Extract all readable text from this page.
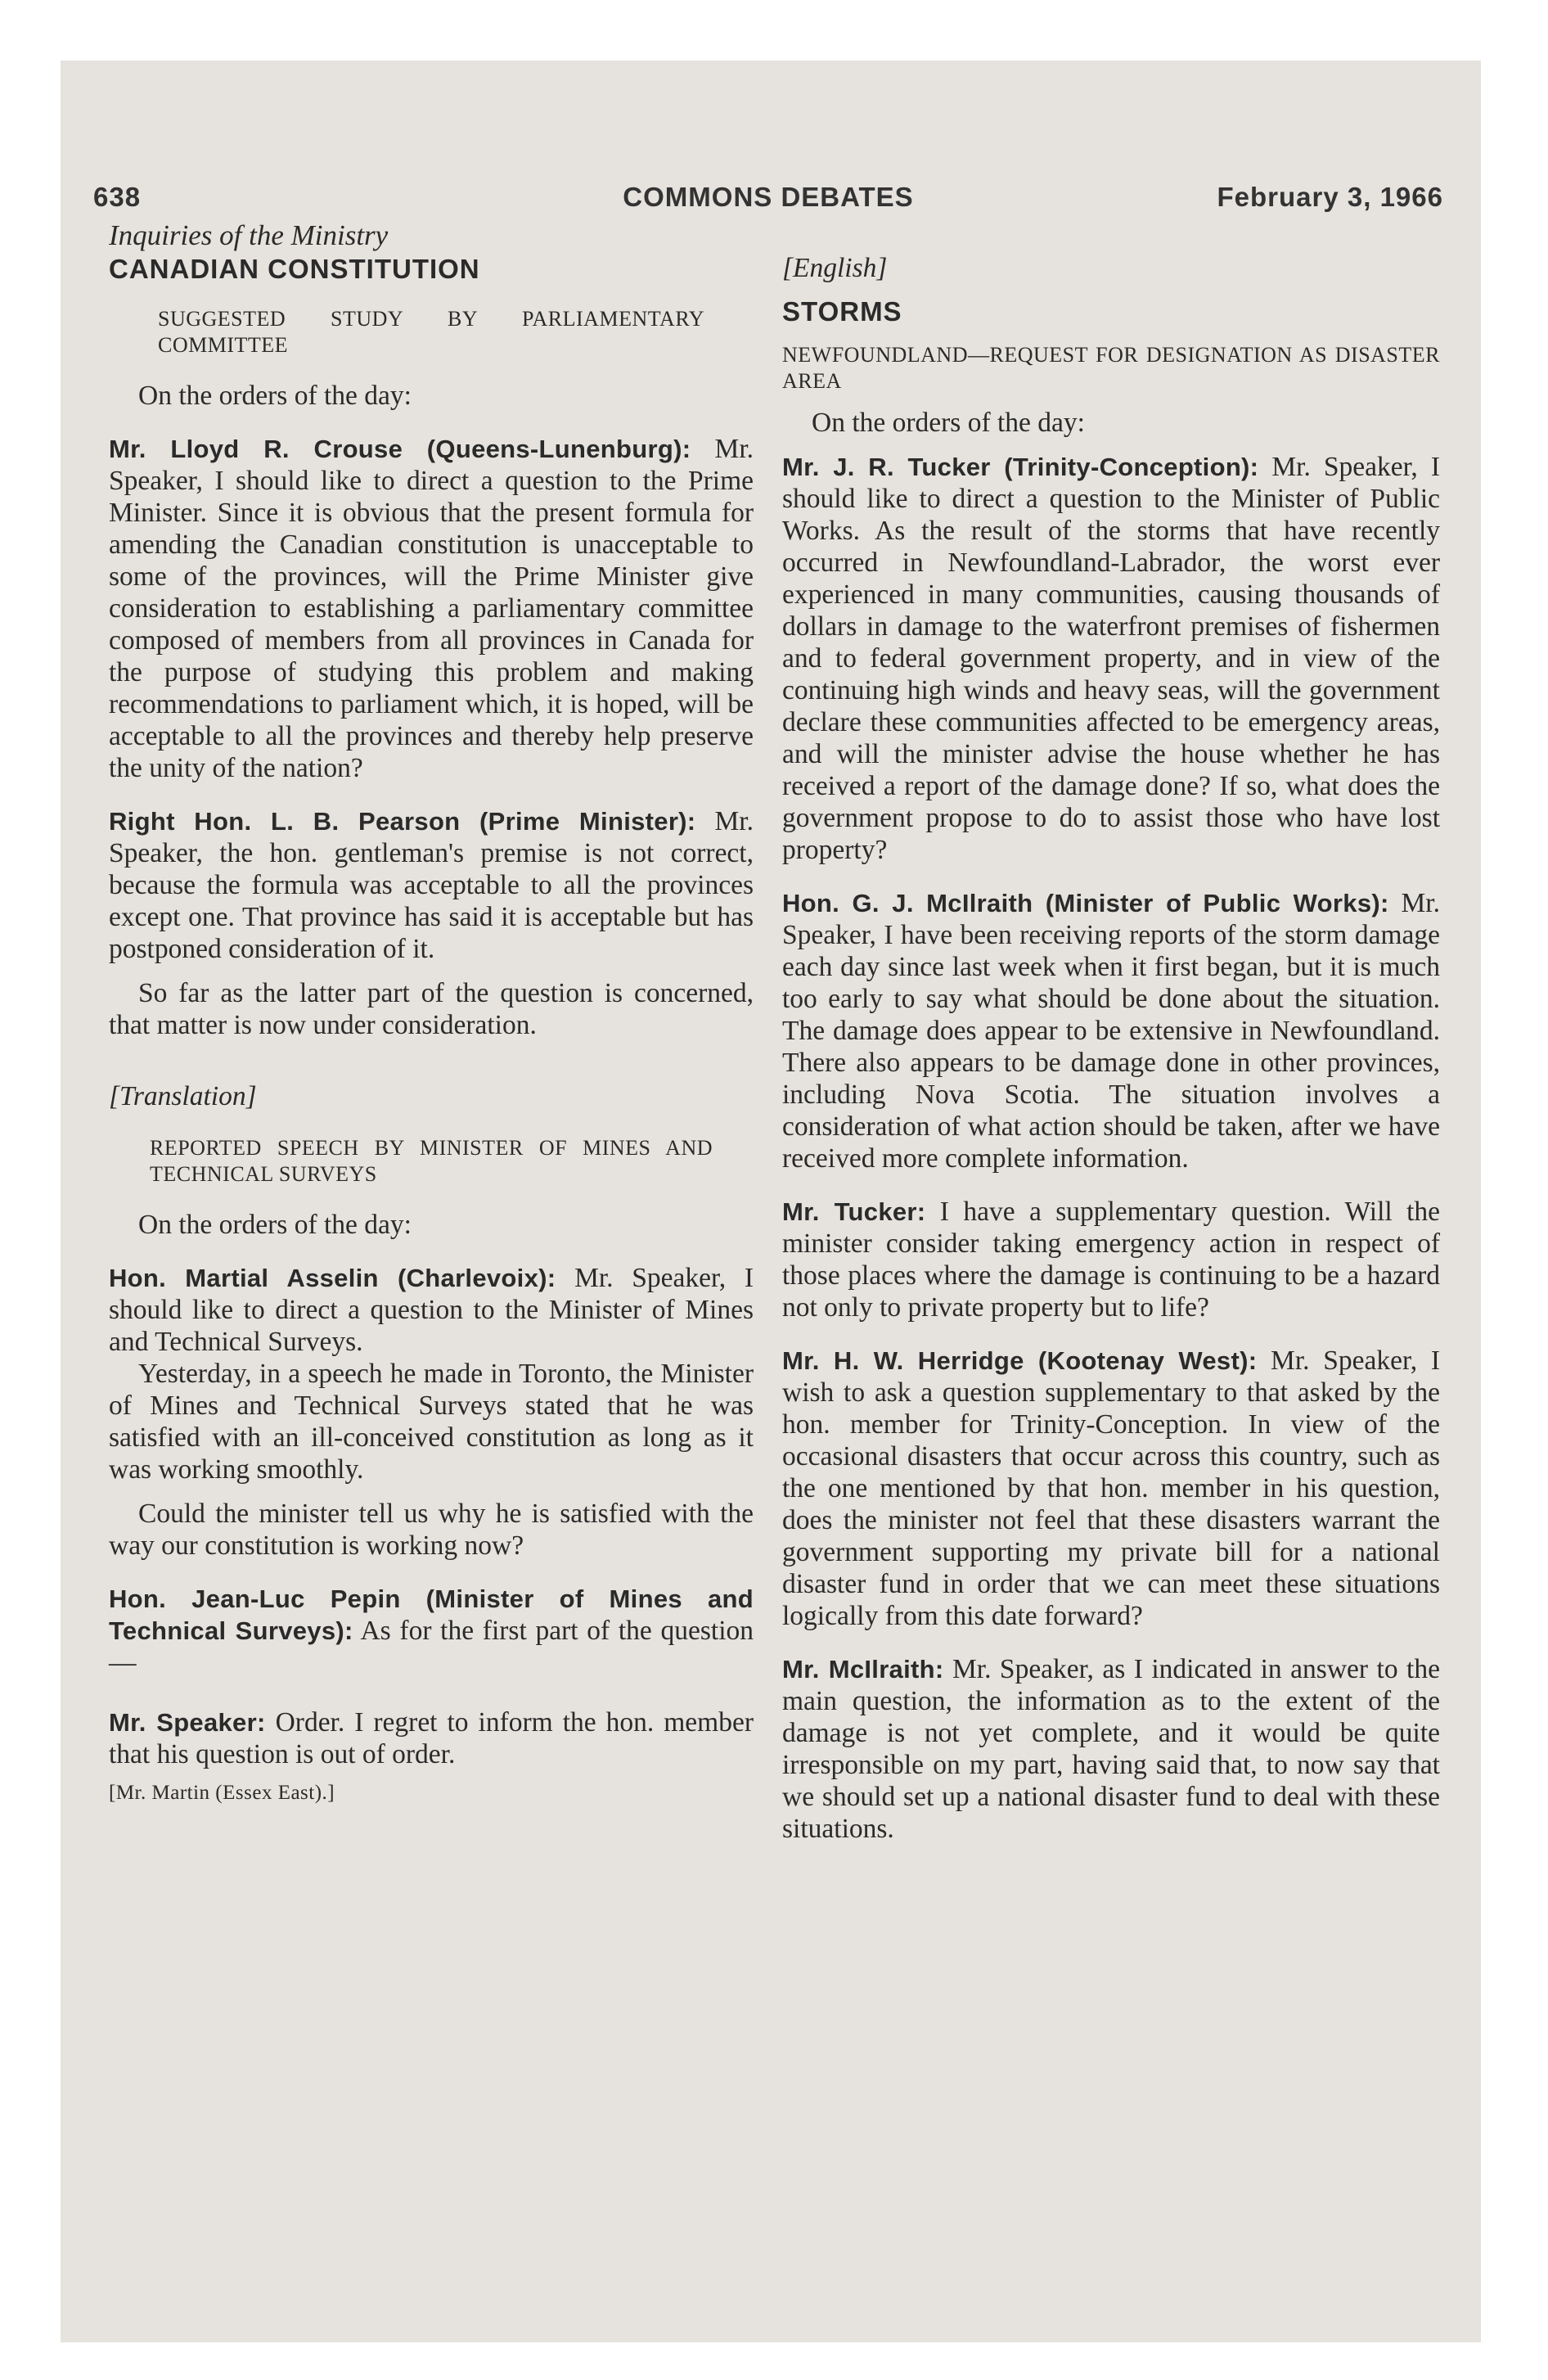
638	COMMONS DEBATES	February 3, 1966

Inquiries of the Ministry

CANADIAN CONSTITUTION

SUGGESTED STUDY BY PARLIAMENTARY COMMITTEE

On the orders of the day:

Mr. Lloyd R. Crouse (Queens-Lunenburg): Mr. Speaker, I should like to direct a question to the Prime Minister. Since it is obvious that the present formula for amending the Canadian constitution is unacceptable to some of the provinces, will the Prime Minister give consideration to establishing a parliamentary committee composed of members from all provinces in Canada for the purpose of studying this problem and making recommendations to parliament which, it is hoped, will be acceptable to all the provinces and thereby help preserve the unity of the nation?

Right Hon. L. B. Pearson (Prime Minister): Mr. Speaker, the hon. gentleman's premise is not correct, because the formula was acceptable to all the provinces except one. That province has said it is acceptable but has postponed consideration of it.

So far as the latter part of the question is concerned, that matter is now under consideration.

[Translation]

REPORTED SPEECH BY MINISTER OF MINES AND TECHNICAL SURVEYS

On the orders of the day:

Hon. Martial Asselin (Charlevoix): Mr. Speaker, I should like to direct a question to the Minister of Mines and Technical Surveys.

Yesterday, in a speech he made in Toronto, the Minister of Mines and Technical Surveys stated that he was satisfied with an ill-conceived constitution as long as it was working smoothly.

Could the minister tell us why he is satisfied with the way our constitution is working now?

Hon. Jean-Luc Pepin (Minister of Mines and Technical Surveys): As for the first part of the question—

Mr. Speaker: Order. I regret to inform the hon. member that his question is out of order.

[Mr. Martin (Essex East).]

[English]

STORMS

NEWFOUNDLAND—REQUEST FOR DESIGNATION AS DISASTER AREA

On the orders of the day:

Mr. J. R. Tucker (Trinity-Conception): Mr. Speaker, I should like to direct a question to the Minister of Public Works. As the result of the storms that have recently occurred in Newfoundland-Labrador, the worst ever experienced in many communities, causing thousands of dollars in damage to the waterfront premises of fishermen and to federal government property, and in view of the continuing high winds and heavy seas, will the government declare these communities affected to be emergency areas, and will the minister advise the house whether he has received a report of the damage done? If so, what does the government propose to do to assist those who have lost property?

Hon. G. J. McIlraith (Minister of Public Works): Mr. Speaker, I have been receiving reports of the storm damage each day since last week when it first began, but it is much too early to say what should be done about the situation. The damage does appear to be extensive in Newfoundland. There also appears to be damage done in other provinces, including Nova Scotia. The situation involves a consideration of what action should be taken, after we have received more complete information.

Mr. Tucker: I have a supplementary question. Will the minister consider taking emergency action in respect of those places where the damage is continuing to be a hazard not only to private property but to life?

Mr. H. W. Herridge (Kootenay West): Mr. Speaker, I wish to ask a question supplementary to that asked by the hon. member for Trinity-Conception. In view of the occasional disasters that occur across this country, such as the one mentioned by that hon. member in his question, does the minister not feel that these disasters warrant the government supporting my private bill for a national disaster fund in order that we can meet these situations logically from this date forward?

Mr. McIlraith: Mr. Speaker, as I indicated in answer to the main question, the information as to the extent of the damage is not yet complete, and it would be quite irresponsible on my part, having said that, to now say that we should set up a national disaster fund to deal with these situations.
